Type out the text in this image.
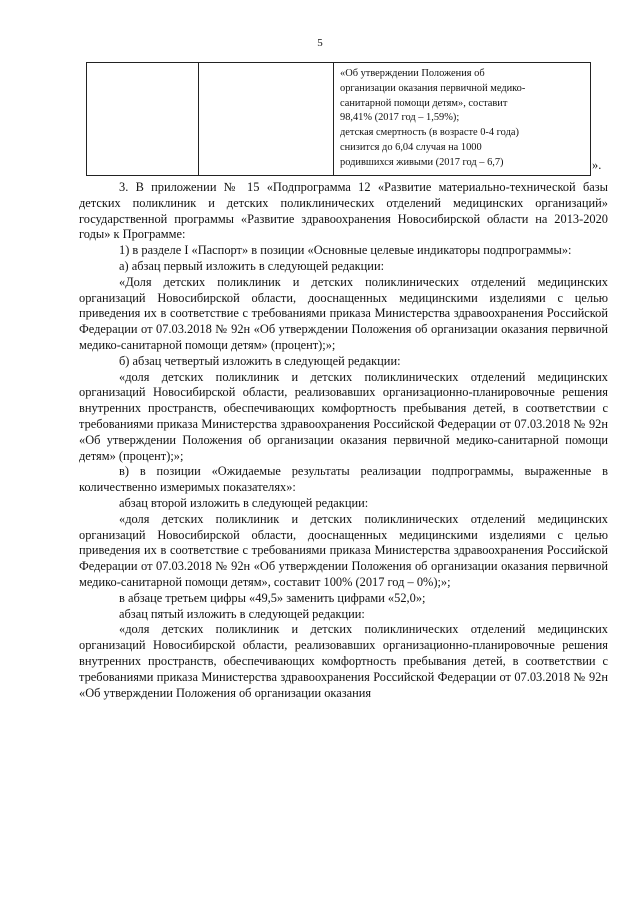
5

«Об утверждении Положения об
организации оказания первичной медико-
санитарной помощи детям», составит
98,41% (2017 год – 1,59%);
детская смертность (в возрасте 0-4 года)
снизится до 6,04 случая на 1000
родившихся живыми (2017 год – 6,7)	».

3. В приложении № 15 «Подпрограмма 12 «Развитие материально-технической базы детских поликлиник и детских поликлинических отделений медицинских организаций» государственной программы «Развитие здравоохранения Новосибирской области на 2013-2020 годы» к Программе:

1) в разделе I «Паспорт» в позиции «Основные целевые индикаторы подпрограммы»:

а) абзац первый изложить в следующей редакции:

«Доля детских поликлиник и детских поликлинических отделений медицинских организаций Новосибирской области, дооснащенных медицинскими изделиями с целью приведения их в соответствие с требованиями приказа Министерства здравоохранения Российской Федерации от 07.03.2018 № 92н «Об утверждении Положения об организации оказания первичной медико-санитарной помощи детям» (процент);»;

б) абзац четвертый изложить в следующей редакции:

«доля детских поликлиник и детских поликлинических отделений медицинских организаций Новосибирской области, реализовавших организационно-планировочные решения внутренних пространств, обеспечивающих комфортность пребывания детей, в соответствии с требованиями приказа Министерства здравоохранения Российской Федерации от 07.03.2018 № 92н «Об утверждении Положения об организации оказания первичной медико-санитарной помощи детям» (процент);»;

в) в позиции «Ожидаемые результаты реализации подпрограммы, выраженные в количественно измеримых показателях»:

абзац второй изложить в следующей редакции:

«доля детских поликлиник и детских поликлинических отделений медицинских организаций Новосибирской области, дооснащенных медицинскими изделиями с целью приведения их в соответствие с требованиями приказа Министерства здравоохранения Российской Федерации от 07.03.2018 № 92н «Об утверждении Положения об организации оказания первичной медико-санитарной помощи детям», составит 100% (2017 год – 0%);»;

в абзаце третьем цифры «49,5» заменить цифрами «52,0»;

абзац пятый изложить в следующей редакции:

«доля детских поликлиник и детских поликлинических отделений медицинских организаций Новосибирской области, реализовавших организационно-планировочные решения внутренних пространств, обеспечивающих комфортность пребывания детей, в соответствии с требованиями приказа Министерства здравоохранения Российской Федерации от 07.03.2018 № 92н «Об утверждении Положения об организации оказания
